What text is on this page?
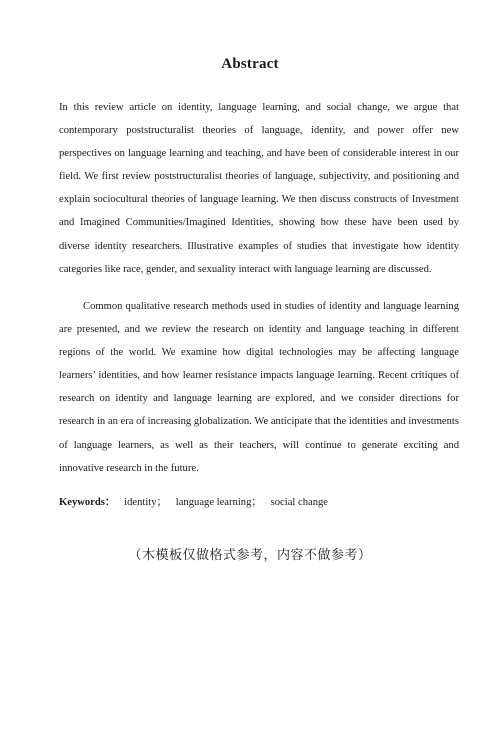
Abstract

In this review article on identity, language learning, and social change, we argue that contemporary poststructuralist theories of language, identity, and power offer new perspectives on language learning and teaching, and have been of considerable interest in our field. We first review poststructuralist theories of language, subjectivity, and positioning and explain sociocultural theories of language learning. We then discuss constructs of Investment and Imagined Communities/Imagined Identities, showing how these have been used by diverse identity researchers. Illustrative examples of studies that investigate how identity categories like race, gender, and sexuality interact with language learning are discussed.

Common qualitative research methods used in studies of identity and language learning are presented, and we review the research on identity and language teaching in different regions of the world. We examine how digital technologies may be affecting language learners’ identities, and how learner resistance impacts language learning. Recent critiques of research on identity and language learning are explored, and we consider directions for research in an era of increasing globalization. We anticipate that the identities and investments of language learners, as well as their teachers, will continue to generate exciting and innovative research in the future.

Keywords： identity； language learning； social change
（木模板仅做格式参考，内容不做参考）
